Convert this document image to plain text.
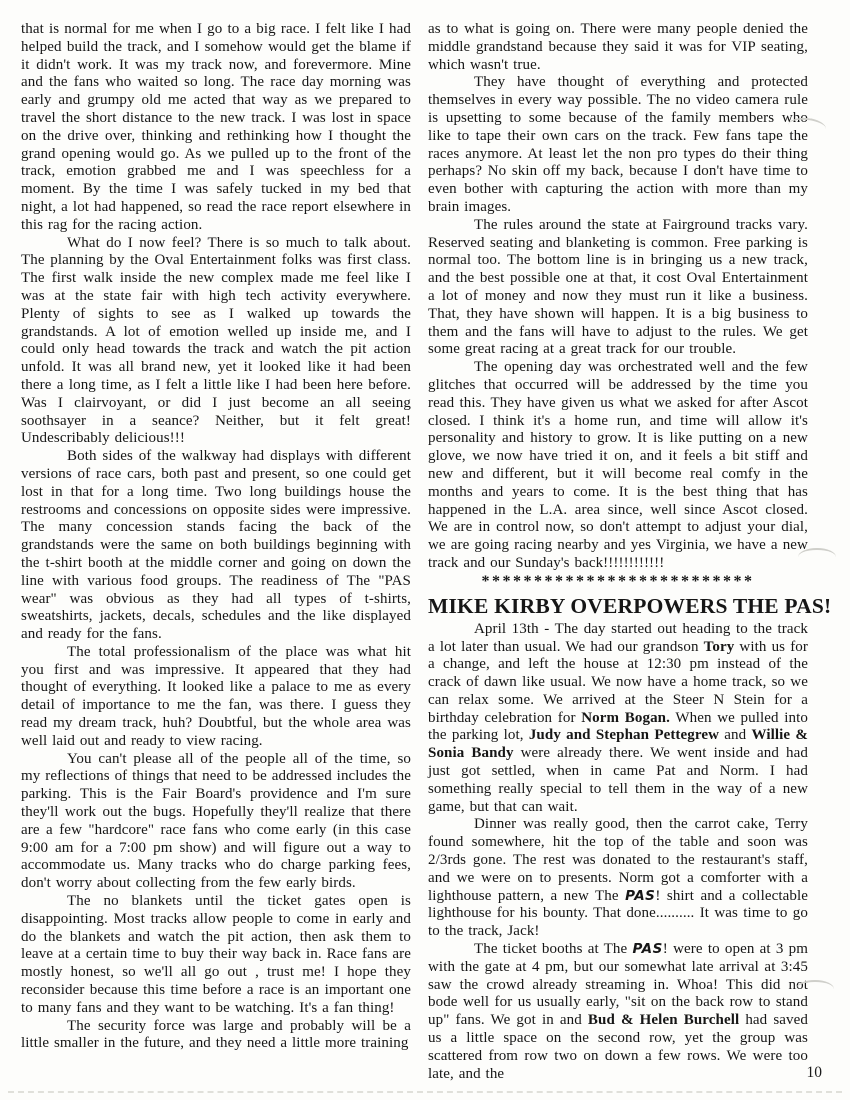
that is normal for me when I go to a big race. I felt like I had helped build the track, and I somehow would get the blame if it didn't work. It was my track now, and forevermore. Mine and the fans who waited so long. The race day morning was early and grumpy old me acted that way as we prepared to travel the short distance to the new track. I was lost in space on the drive over, thinking and rethinking how I thought the grand opening would go. As we pulled up to the front of the track, emotion grabbed me and I was speechless for a moment. By the time I was safely tucked in my bed that night, a lot had happened, so read the race report elsewhere in this rag for the racing action.

What do I now feel? There is so much to talk about. The planning by the Oval Entertainment folks was first class. The first walk inside the new complex made me feel like I was at the state fair with high tech activity everywhere. Plenty of sights to see as I walked up towards the grandstands. A lot of emotion welled up inside me, and I could only head towards the track and watch the pit action unfold. It was all brand new, yet it looked like it had been there a long time, as I felt a little like I had been here before. Was I clairvoyant, or did I just become an all seeing soothsayer in a seance? Neither, but it felt great! Undescribably delicious!!!

Both sides of the walkway had displays with different versions of race cars, both past and present, so one could get lost in that for a long time. Two long buildings house the restrooms and concessions on opposite sides were impressive. The many concession stands facing the back of the grandstands were the same on both buildings beginning with the t-shirt booth at the middle corner and going on down the line with various food groups. The readiness of The "PAS wear" was obvious as they had all types of t-shirts, sweatshirts, jackets, decals, schedules and the like displayed and ready for the fans.

The total professionalism of the place was what hit you first and was impressive. It appeared that they had thought of everything. It looked like a palace to me as every detail of importance to me the fan, was there. I guess they read my dream track, huh? Doubtful, but the whole area was well laid out and ready to view racing.

You can't please all of the people all of the time, so my reflections of things that need to be addressed includes the parking. This is the Fair Board's providence and I'm sure they'll work out the bugs. Hopefully they'll realize that there are a few "hardcore" race fans who come early (in this case 9:00 am for a 7:00 pm show) and will figure out a way to accommodate us. Many tracks who do charge parking fees, don't worry about collecting from the few early birds.

The no blankets until the ticket gates open is disappointing. Most tracks allow people to come in early and do the blankets and watch the pit action, then ask them to leave at a certain time to buy their way back in. Race fans are mostly honest, so we'll all go out , trust me! I hope they reconsider because this time before a race is an important one to many fans and they want to be watching. It's a fan thing!

The security force was large and probably will be a little smaller in the future, and they need a little more training

as to what is going on. There were many people denied the middle grandstand because they said it was for VIP seating, which wasn't true.

They have thought of everything and protected themselves in every way possible. The no video camera rule is upsetting to some because of the family members who like to tape their own cars on the track. Few fans tape the races anymore. At least let the non pro types do their thing perhaps? No skin off my back, because I don't have time to even bother with capturing the action with more than my brain images.

The rules around the state at Fairground tracks vary. Reserved seating and blanketing is common. Free parking is normal too. The bottom line is in bringing us a new track, and the best possible one at that, it cost Oval Entertainment a lot of money and now they must run it like a business. That, they have shown will happen. It is a big business to them and the fans will have to adjust to the rules. We get some great racing at a great track for our trouble.

The opening day was orchestrated well and the few glitches that occurred will be addressed by the time you read this. They have given us what we asked for after Ascot closed. I think it's a home run, and time will allow it's personality and history to grow. It is like putting on a new glove, we now have tried it on, and it feels a bit stiff and new and different, but it will become real comfy in the months and years to come. It is the best thing that has happened in the L.A. area since, well since Ascot closed. We are in control now, so don't attempt to adjust your dial, we are going racing nearby and yes Virginia, we have a new track and our Sunday's back!!!!!!!!!!!!

**************************
MIKE KIRBY OVERPOWERS THE PAS!

April 13th - The day started out heading to the track a lot later than usual. We had our grandson Tory with us for a change, and left the house at 12:30 pm instead of the crack of dawn like usual. We now have a home track, so we can relax some. We arrived at the Steer N Stein for a birthday celebration for Norm Bogan. When we pulled into the parking lot, Judy and Stephan Pettegrew and Willie & Sonia Bandy were already there. We went inside and had just got settled, when in came Pat and Norm. I had something really special to tell them in the way of a new game, but that can wait.

Dinner was really good, then the carrot cake, Terry found somewhere, hit the top of the table and soon was 2/3rds gone. The rest was donated to the restaurant's staff, and we were on to presents. Norm got a comforter with a lighthouse pattern, a new The PAS! shirt and a collectable lighthouse for his bounty. That done.......... It was time to go to the track, Jack!

The ticket booths at The PAS! were to open at 3 pm with the gate at 4 pm, but our somewhat late arrival at 3:45 saw the crowd already streaming in. Whoa! This did not bode well for us usually early, "sit on the back row to stand up" fans. We got in and Bud & Helen Burchell had saved us a little space on the second row, yet the group was scattered from row two on down a few rows. We were too late, and the	10
